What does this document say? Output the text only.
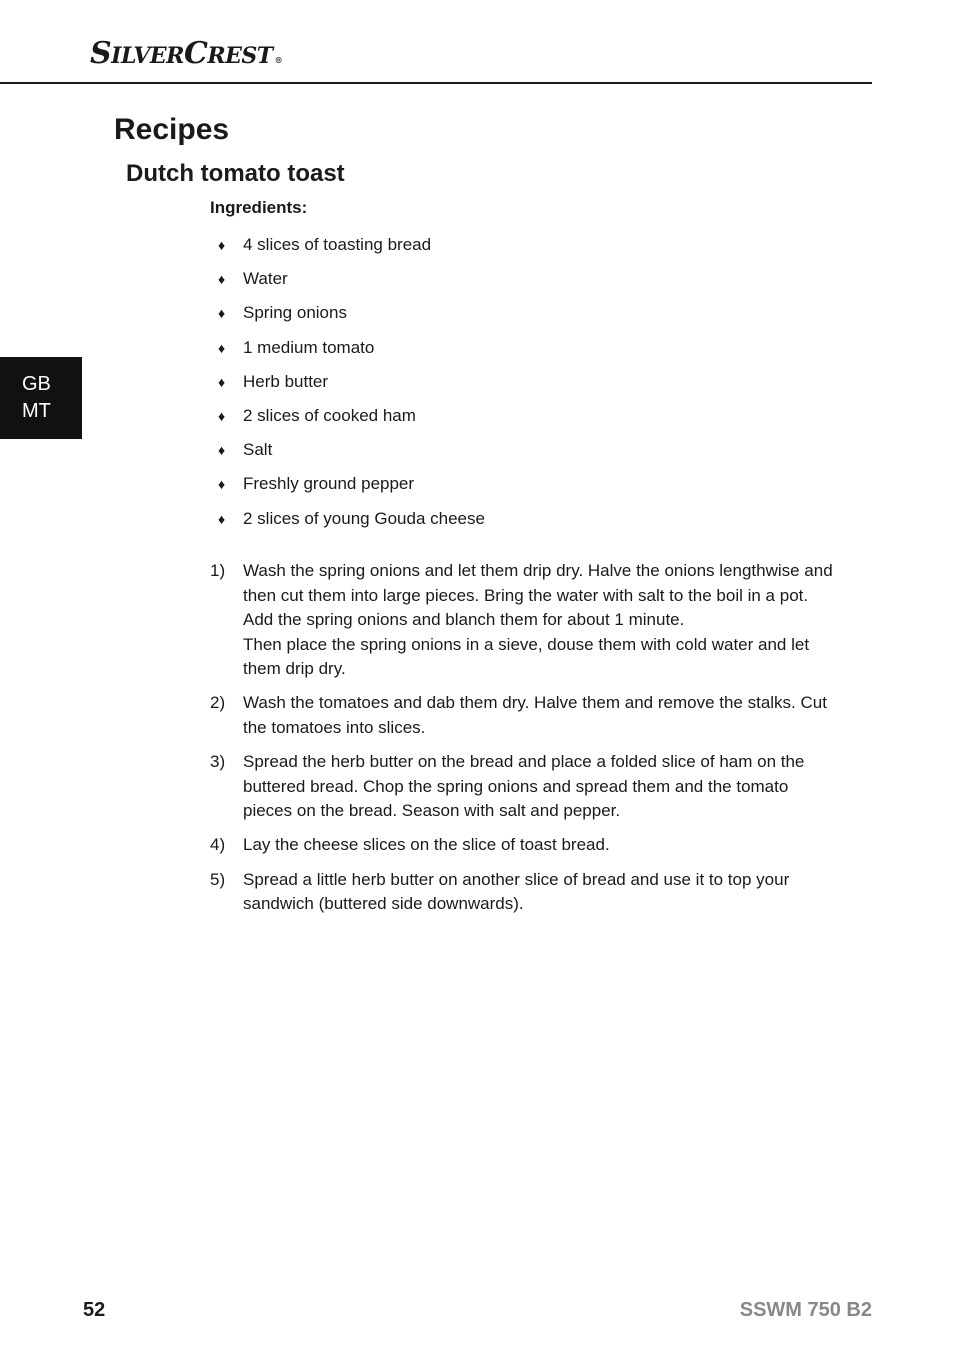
SILVERCREST ®
Recipes
Dutch tomato toast
Ingredients:
♦	4 slices of toasting bread
♦	Water
♦	Spring onions
♦	1 medium tomato
♦	Herb butter
♦	2 slices of cooked ham
♦	Salt
♦	Freshly ground pepper
♦	2 slices of young Gouda cheese
1)	Wash the spring onions and let them drip dry. Halve the onions lengthwise and then cut them into large pieces. Bring the water with salt to the boil in a pot. Add the spring onions and blanch them for about 1 minute.
Then place the spring onions in a sieve, douse them with cold water and let them drip dry.
2)	Wash the tomatoes and dab them dry. Halve them and remove the stalks. Cut the tomatoes into slices.
3)	Spread the herb butter on the bread and place a folded slice of ham on the buttered bread. Chop the spring onions and spread them and the tomato pieces on the bread. Season with salt and pepper.
4)	Lay the cheese slices on the slice of toast bread.
5)	Spread a little herb butter on another slice of bread and use it to top your sandwich (buttered side downwards).
GB
MT
52	SSWM 750 B2
